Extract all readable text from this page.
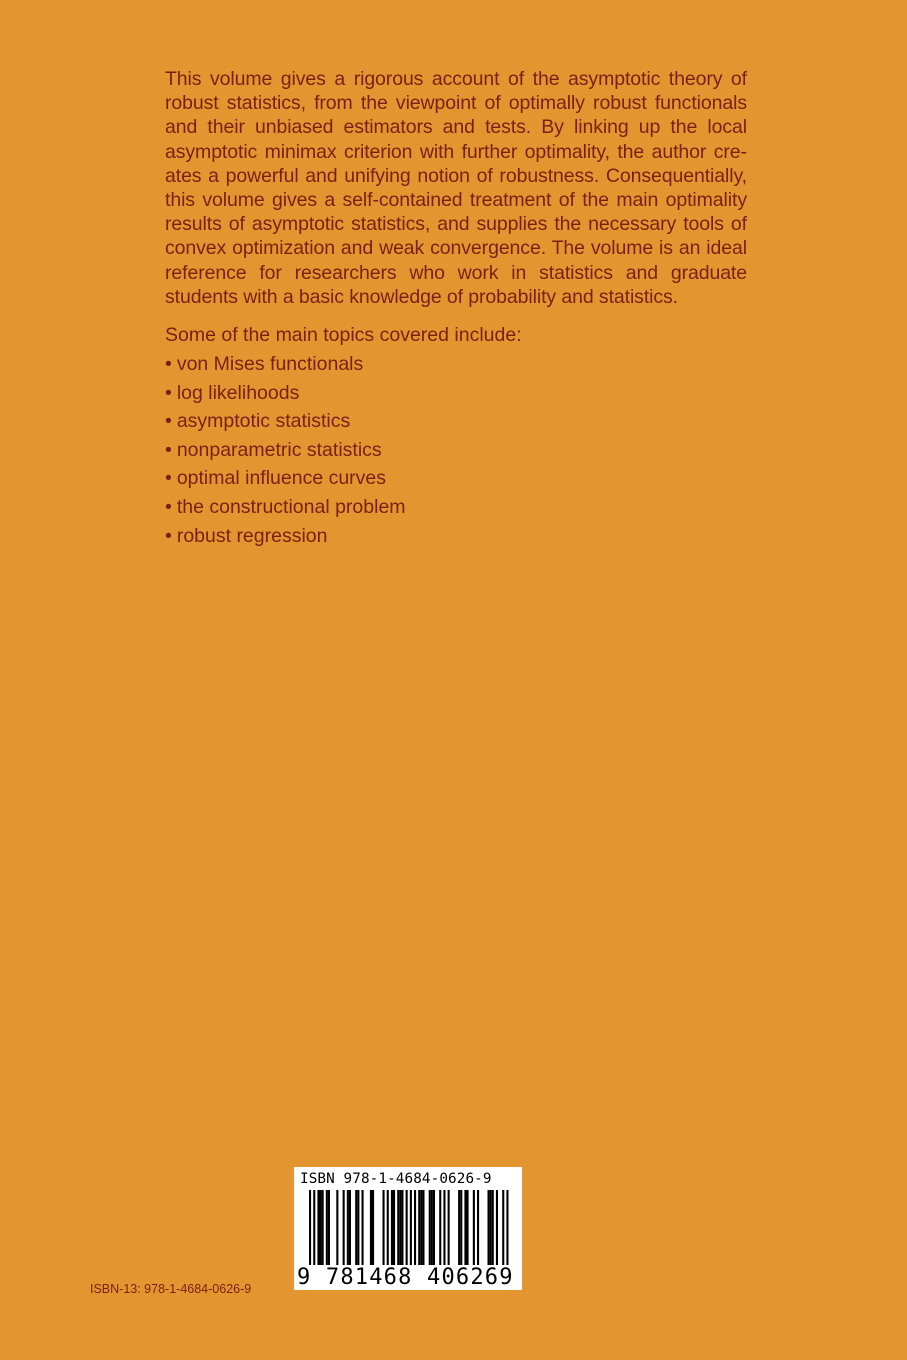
This volume gives a rigorous account of the asymptotic theory of robust statistics, from the viewpoint of optimally robust functionals and their unbiased estimators and tests. By linking up the local asymptotic minimax criterion with further optimality, the author creates a powerful and unifying notion of robustness. Consequentially, this volume gives a self-contained treatment of the main optimality results of asymptotic statistics, and supplies the necessary tools of convex optimization and weak convergence. The volume is an ideal reference for researchers who work in statistics and graduate students with a basic knowledge of probability and statistics.

Some of the main topics covered include:

• von Mises functionals
• log likelihoods
• asymptotic statistics
• nonparametric statistics
• optimal influence curves
• the constructional problem
• robust regression
ISBN 978-1-4684-0626-9
9 781468 406269
ISBN-13: 978-1-4684-0626-9
